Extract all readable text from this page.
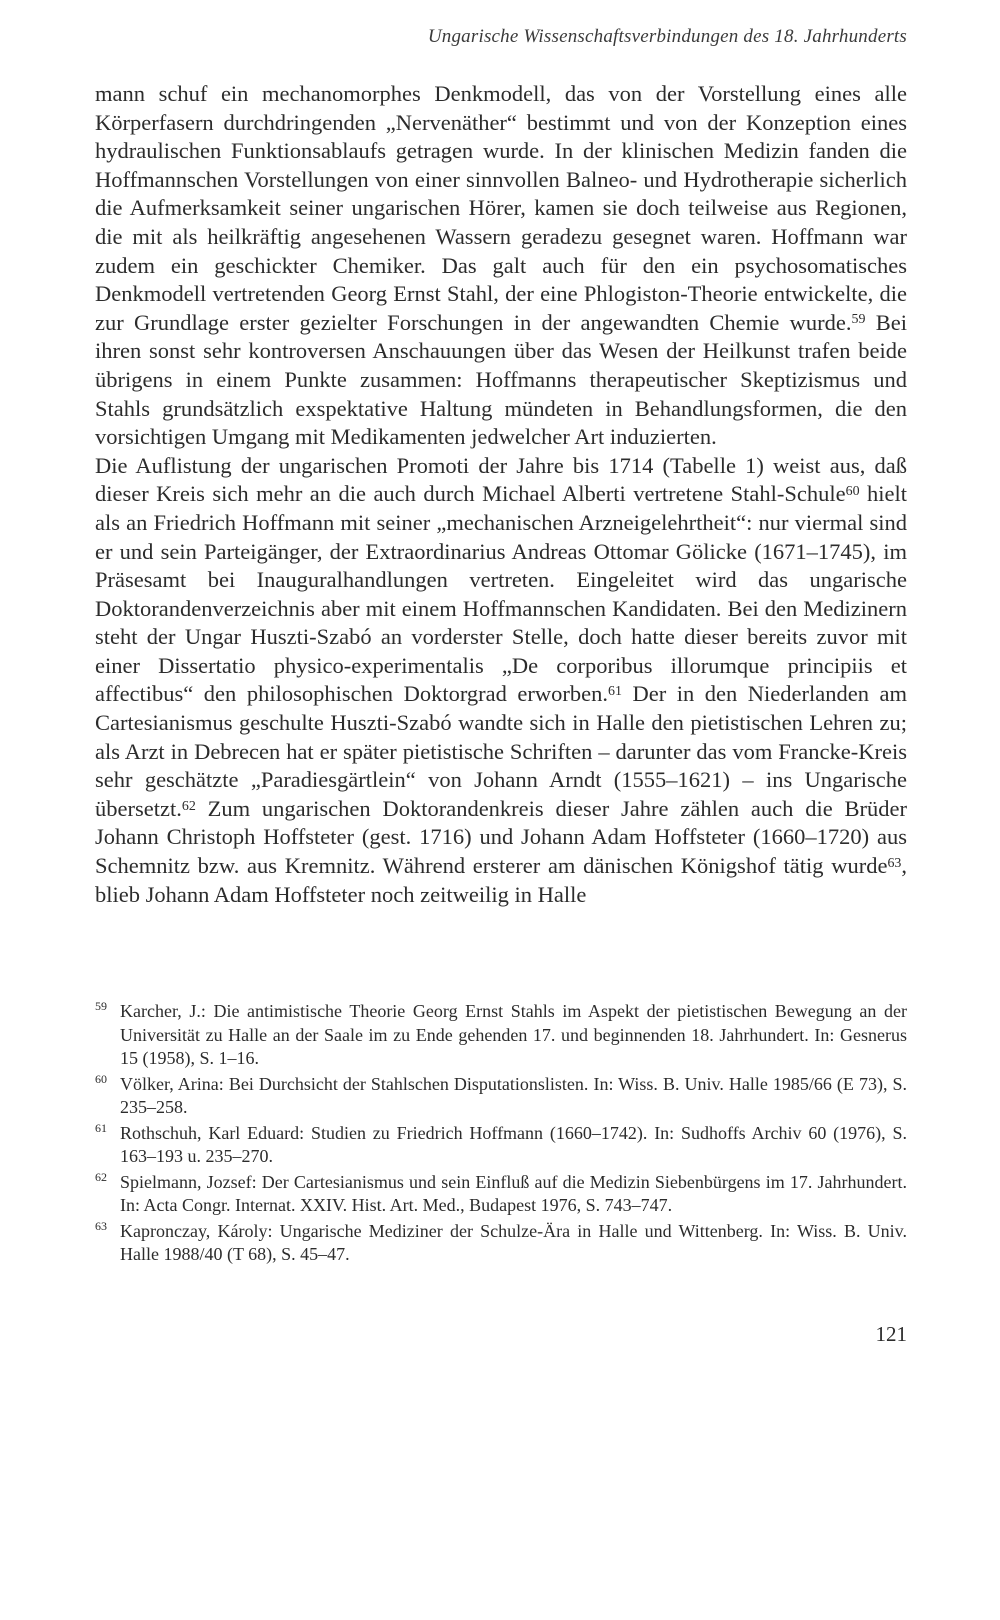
Ungarische Wissenschaftsverbindungen des 18. Jahrhunderts

mann schuf ein mechanomorphes Denkmodell, das von der Vorstellung eines alle Körperfasern durchdringenden „Nervenäther“ bestimmt und von der Konzeption eines hydraulischen Funktionsablaufs getragen wurde. In der klinischen Medizin fanden die Hoffmannschen Vorstellungen von einer sinnvollen Balneo- und Hydrotherapie sicherlich die Aufmerksamkeit seiner ungarischen Hörer, kamen sie doch teilweise aus Regionen, die mit als heilkräftig angesehenen Wassern geradezu gesegnet waren. Hoffmann war zudem ein geschickter Chemiker. Das galt auch für den ein psychosomatisches Denkmodell vertretenden Georg Ernst Stahl, der eine Phlogiston-Theorie entwickelte, die zur Grundlage erster gezielter Forschungen in der angewandten Chemie wurde.$^{59}$ Bei ihren sonst sehr kontroversen Anschauungen über das Wesen der Heilkunst trafen beide übrigens in einem Punkte zusammen: Hoffmanns therapeutischer Skeptizismus und Stahls grundsätzlich exspektative Haltung mündeten in Behandlungsformen, die den vorsichtigen Umgang mit Medikamenten jedwelcher Art induzierten.

Die Auflistung der ungarischen Promoti der Jahre bis 1714 (Tabelle 1) weist aus, daß dieser Kreis sich mehr an die auch durch Michael Alberti vertretene Stahl-Schule$^{60}$ hielt als an Friedrich Hoffmann mit seiner „mechanischen Arzneigelehrtheit“: nur viermal sind er und sein Parteigänger, der Extraordinarius Andreas Ottomar Gölicke (1671–1745), im Präsesamt bei Inauguralhandlungen vertreten. Eingeleitet wird das ungarische Doktorandenverzeichnis aber mit einem Hoffmannschen Kandidaten. Bei den Medizinern steht der Ungar Huszti-Szabó an vorderster Stelle, doch hatte dieser bereits zuvor mit einer Dissertatio physico-experimentalis „De corporibus illorumque principiis et affectibus“ den philosophischen Doktorgrad erworben.$^{61}$ Der in den Niederlanden am Cartesianismus geschulte Huszti-Szabó wandte sich in Halle den pietistischen Lehren zu; als Arzt in Debrecen hat er später pietistische Schriften – darunter das vom Francke-Kreis sehr geschätzte „Paradiesgärtlein“ von Johann Arndt (1555–1621) – ins Ungarische übersetzt.$^{62}$ Zum ungarischen Doktorandenkreis dieser Jahre zählen auch die Brüder Johann Christoph Hoffsteter (gest. 1716) und Johann Adam Hoffsteter (1660–1720) aus Schemnitz bzw. aus Kremnitz. Während ersterer am dänischen Königshof tätig wurde$^{63}$, blieb Johann Adam Hoffsteter noch zeitweilig in Halle

59 Karcher, J.: Die antimistische Theorie Georg Ernst Stahls im Aspekt der pietistischen Bewegung an der Universität zu Halle an der Saale im zu Ende gehenden 17. und beginnenden 18. Jahrhundert. In: Gesnerus 15 (1958), S. 1–16.
60 Völker, Arina: Bei Durchsicht der Stahlschen Disputationslisten. In: Wiss. B. Univ. Halle 1985/66 (E 73), S. 235–258.
61 Rothschuh, Karl Eduard: Studien zu Friedrich Hoffmann (1660–1742). In: Sudhoffs Archiv 60 (1976), S. 163–193 u. 235–270.
62 Spielmann, Jozsef: Der Cartesianismus und sein Einfluß auf die Medizin Siebenbürgens im 17. Jahrhundert. In: Acta Congr. Internat. XXIV. Hist. Art. Med., Budapest 1976, S. 743–747.
63 Kapronczay, Károly: Ungarische Mediziner der Schulze-Ära in Halle und Wittenberg. In: Wiss. B. Univ. Halle 1988/40 (T 68), S. 45–47.
121
